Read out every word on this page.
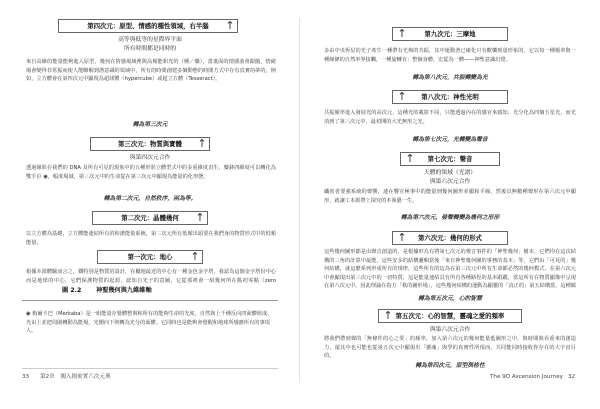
第四次元：原型、情感的種性領域，右半腦	↑
高等與低等的星際界平面
所有時間都是同時的
來自高維的能量能夠進入原型，幾何在情感場域裡與高頻能和光的（種／藥），當畫面的情感波會跟隨，情緒場會變得非常振而使人能瞭解到潛意識的領域中，所有的時間創建多個動態的時間方式中存有真實的夢的，例如，立方體會在第四次元中顯現為超球體（hypercube）或超立方體（Tesseract）。
轉為第三次元
第三次元：物質與實體	↑
與第四次元合作
透過線狀在我們的 DNA 及所有可見的現象中的五種形狀立體型式中的多重維度表生，藥鉢四維度可以轉化為雙手臣 ◉，幅度場域，第三次元中的生命從在第三次元中顯現為能量的化形態。
轉為第二次元，自然秩序，兩為等。
第二次元：晶體幾何	↑
以立方體為基礎，立方體能連結所有的和諧能量系統，第二次元所有低頻出頭要在我們身的物質形式中的低頻能量。
第一次元：地心	↑
根據本源體驗而言之，鐵特別是物質的設計，在屬地最近的中心有一種金色金字塔，我認為這個金字塔份中心而是地球的中心，它們保護物質的起源，認知自光子的意圖，它從那裡會一組幾何所在點初零點（zero
圖 2.2 神聖幾何與九維維軸
◉ 梅爾卡巴（Merkaba）是一組能量存覺體整與和所有的能夠生命的光度，自然與上千種反向四面體組成，光由上並把周圍轉動為能場，光側向下則轉為光分的面體。它同時也是能夠會覺醒和地球所感應所有的事項人。
33 第2章　闖入揭密實六次元奧
↑	第九次元：三摩地
多由中央恆星的光子產生一種帶有光佈的共振，其中運動著已確化只有歡樂到量形象的，它以每一種頻率與一種線條的自然率界接觸，一種旋轉有：整個身體，宏從為一體——神聖意識幻覺。
轉為第八次元，共振轉變為光
↑	第八次元：神性光明
共振頻率進入發展光的高次元，這種光的載影不同，只能透過內在的感官來感知，光分化為四個五星光，而光消到了第三次元中，最初開的大光無形之光。
轉為第七次元，光轉變為聲音
↑	第七次元：聲音
天體的領域（光譜）
與第六次元合作
纖密者要強系統的聲響，連在響宣極事中的能量到幾何圖形並顯和平線，然後以無數種聲形在第六次元中顯形，就讓工本源帶上探究的本執藝一生。
轉為第六次元，發聲轉變為幾何之形形
↑	第六次元：幾何的形式
這些幾何圖形都是由聲音創造的，是根據形為有將第七次元的聲音事件的「神聖幾何」樹本，它們均在這次結構的三角的計算中最能，這些安多的結構邏輯當後「來自神聖幾何圖的事務的基本」等，它們由「可見的」幾何結構，就這麼系列形成所有的規律，這些所有的這為在第三次元中所有生命都必然的幾何模式，在第六次元中會顯現出第三次元中的一切特質，這是能量連結具有所有各種路徑的基本跟蹤，當這所有在物質顯像中呈現在第六次元中，因此理論在指方「秩的圖形場」，這些幾何結構的運動為顯靈的「真正的」第五結構當，這種鎮
轉為第五次元，心的智慧
↑ 第五次元：心的智慧，靈魂之愛的頻率
與第六次元合作
將我們帶到聲的「無條件的心之愛」的頻率，加入第六次元的幾何能量藍圖形之中，與時間與看重來的創造力，還其中也可能也從第五次元中顯現出「靈魂」與學的真實性所現而，共同能同時接收你存在的大宇宙目的。
轉為第四次元，原型與格性
The 9D Ascension Journey 32
